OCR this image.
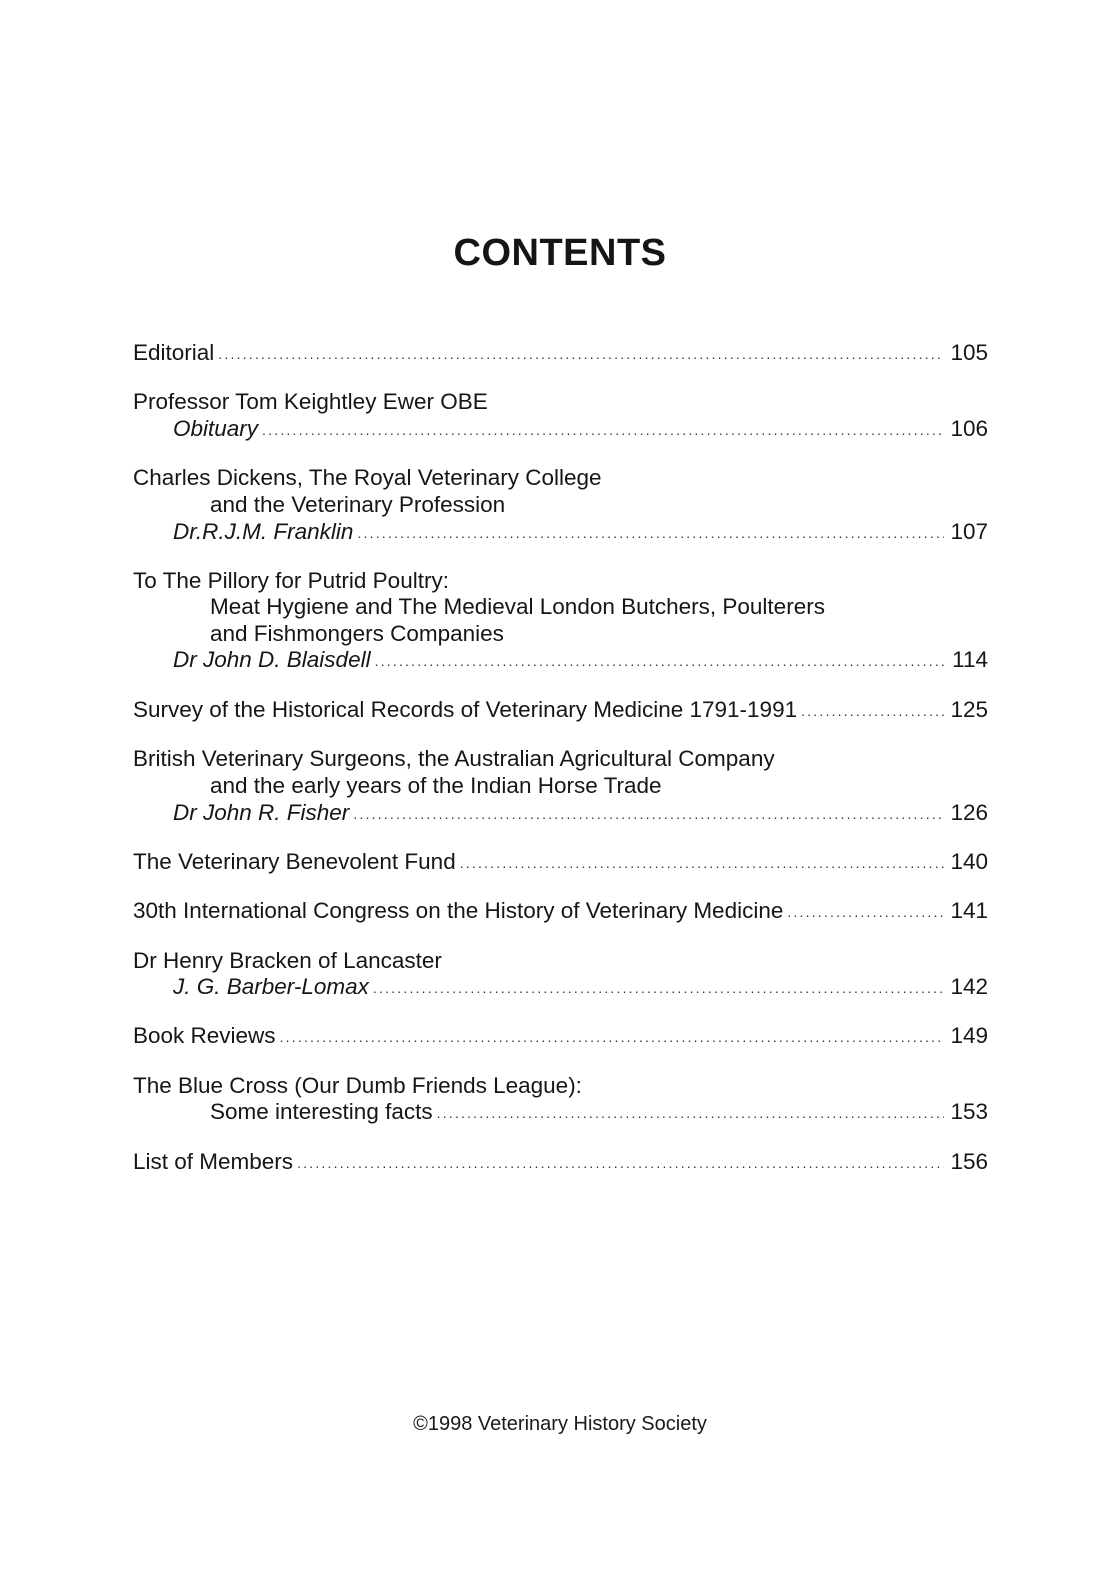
CONTENTS
Editorial .....	105
Professor Tom Keightley Ewer OBE
Obituary .....	106
Charles Dickens, The Royal Veterinary College
and the Veterinary Profession
Dr.R.J.M. Franklin .....	107
To The Pillory for Putrid Poultry:
Meat Hygiene and The Medieval London Butchers, Poulterers
and Fishmongers Companies
Dr John D. Blaisdell .....	114
Survey of the Historical Records of Veterinary Medicine 1791-1991 .....	125
British Veterinary Surgeons, the Australian Agricultural Company
and the early years of the Indian Horse Trade
Dr John R. Fisher .....	126
The Veterinary Benevolent Fund .....	140
30th International Congress on the History of Veterinary Medicine .....	141
Dr Henry Bracken of Lancaster
J. G. Barber-Lomax .....	142
Book Reviews .....	149
The Blue Cross (Our Dumb Friends League):
Some interesting facts .....	153
List of Members .....	156
©1998 Veterinary History Society
